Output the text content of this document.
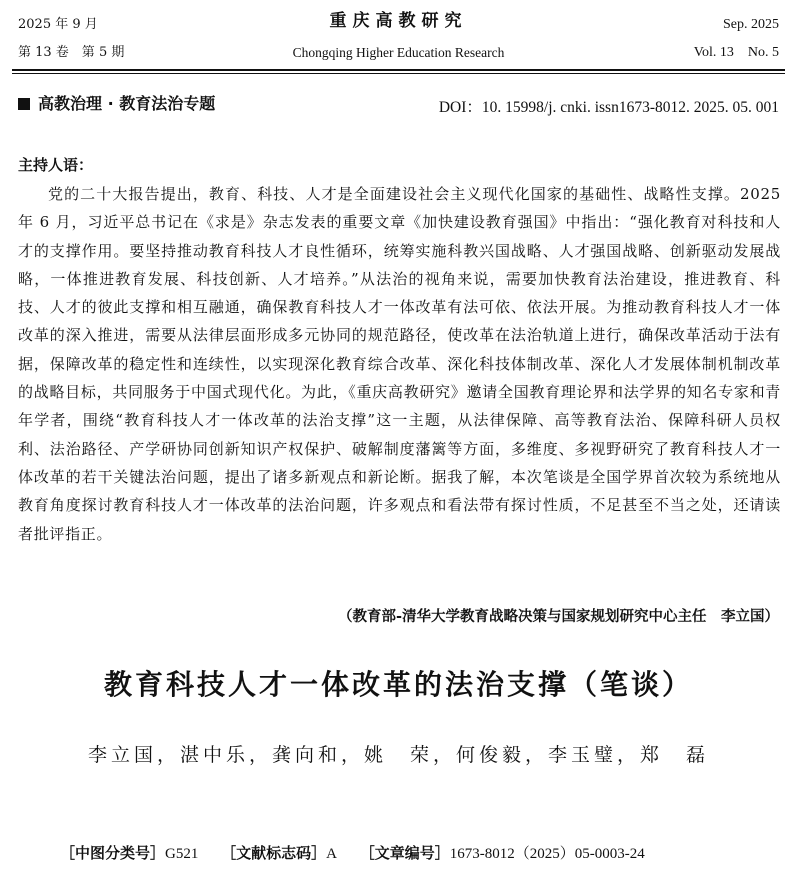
2025 年 9 月
第 13 卷　第 5 期
重庆高教研究
Chongqing Higher Education Research
Sep. 2025
Vol. 13　No. 5
高教治理 · 教育法治专题	DOI：10. 15998/j. cnki. issn1673-8012. 2025. 05. 001
主持人语：

党的二十大报告提出，教育、科技、人才是全面建设社会主义现代化国家的基础性、战略性支撑。2025 年 6 月，习近平总书记在《求是》杂志发表的重要文章《加快建设教育强国》中指出：“强化教育对科技和人才的支撑作用。要坚持推动教育科技人才良性循环，统筹实施科教兴国战略、人才强国战略、创新驱动发展战略，一体推进教育发展、科技创新、人才培养。”从法治的视角来说，需要加快教育法治建设，推进教育、科技、人才的彼此支撑和相互融通，确保教育科技人才一体改革有法可依、依法开展。为推动教育科技人才一体改革的深入推进，需要从法律层面形成多元协同的规范路径，使改革在法治轨道上进行，确保改革活动于法有据，保障改革的稳定性和连续性，以实现深化教育综合改革、深化科技体制改革、深化人才发展体制机制改革的战略目标，共同服务于中国式现代化。为此，《重庆高教研究》邀请全国教育理论界和法学界的知名专家和青年学者，围绕“教育科技人才一体改革的法治支撑”这一主题，从法律保障、高等教育法治、保障科研人员权利、法治路径、产学研协同创新知识产权保护、破解制度藩篱等方面，多维度、多视野研究了教育科技人才一体改革的若干关键法治问题，提出了诸多新观点和新论断。据我了解，本次笔谈是全国学界首次较为系统地从教育角度探讨教育科技人才一体改革的法治问题，许多观点和看法带有探讨性质，不足甚至不当之处，还请读者批评指正。

（教育部-清华大学教育战略决策与国家规划研究中心主任　李立国）
教育科技人才一体改革的法治支撑（笔谈）
李立国，湛中乐，龚向和，姚　荣，何俊毅，李玉璧，郑　磊
［中图分类号］G521 ［文献标志码］A ［文章编号］1673-8012（2025）05-0003-24
